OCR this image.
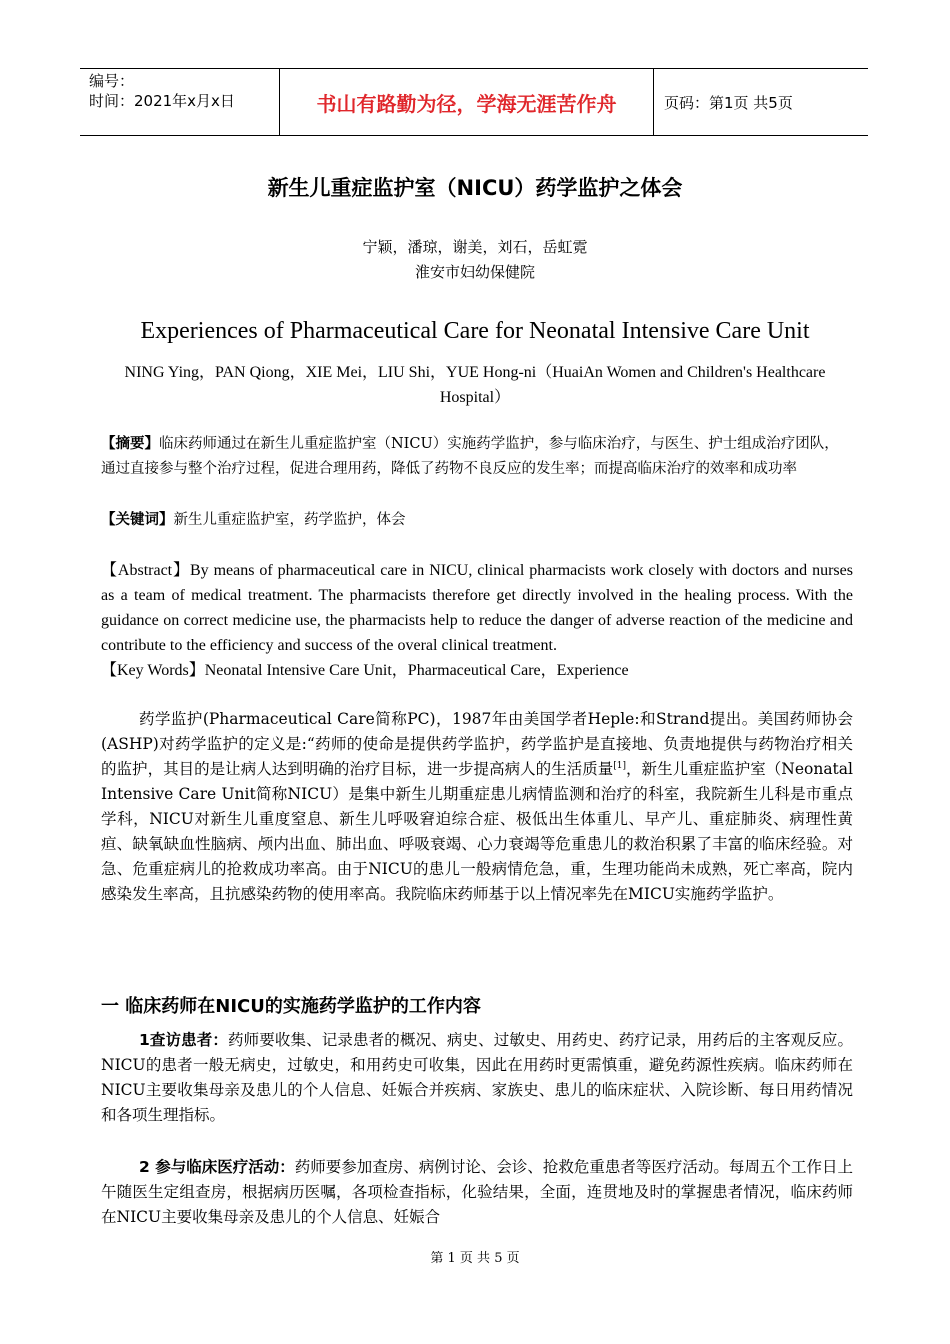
编号：
时间：2021年x月x日	书山有路勤为径，学海无涯苦作舟	页码：第1页 共5页
新生儿重症监护室（NICU）药学监护之体会
宁颖，潘琼，谢美，刘石，岳虹霓
淮安市妇幼保健院
Experiences of Pharmaceutical Care for Neonatal Intensive Care Unit
NING Ying，PAN Qiong，XIE Mei，LIU Shi，YUE Hong-ni（HuaiAn Women and Children's Healthcare Hospital）
【摘要】临床药师通过在新生儿重症监护室（NICU）实施药学监护，参与临床治疗，与医生、护士组成治疗团队，通过直接参与整个治疗过程，促进合理用药，降低了药物不良反应的发生率；而提高临床治疗的效率和成功率
【关键词】新生儿重症监护室，药学监护，体会
【Abstract】By means of pharmaceutical care in NICU, clinical pharmacists work closely with doctors and nurses as a team of medical treatment. The pharmacists therefore get directly involved in the healing process. With the guidance on correct medicine use, the pharmacists help to reduce the danger of adverse reaction of the medicine and contribute to the efficiency and success of the overal clinical treatment.
【Key Words】Neonatal Intensive Care Unit，Pharmaceutical Care，Experience
药学监护(Pharmaceutical Care简称PC)，1987年由美国学者Heple:和Strand提出。美国药师协会(ASHP)对药学监护的定义是:“药师的使命是提供药学监护，药学监护是直接地、负责地提供与药物治疗相关的监护，其目的是让病人达到明确的治疗目标，进一步提高病人的生活质量[1]，新生儿重症监护室（Neonatal Intensive Care Unit简称NICU）是集中新生儿期重症患儿病情监测和治疗的科室，我院新生儿科是市重点学科，NICU对新生儿重度窒息、新生儿呼吸窘迫综合症、极低出生体重儿、早产儿、重症肺炎、病理性黄疸、缺氧缺血性脑病、颅内出血、肺出血、呼吸衰竭、心力衰竭等危重患儿的救治积累了丰富的临床经验。对急、危重症病儿的抢救成功率高。由于NICU的患儿一般病情危急，重，生理功能尚未成熟，死亡率高，院内感染发生率高，且抗感染药物的使用率高。我院临床药师基于以上情况率先在MICU实施药学监护。
一 临床药师在NICU的实施药学监护的工作内容
1查访患者：药师要收集、记录患者的概况、病史、过敏史、用药史、药疗记录，用药后的主客观反应。NICU的患者一般无病史，过敏史，和用药史可收集，因此在用药时更需慎重，避免药源性疾病。临床药师在NICU主要收集母亲及患儿的个人信息、妊娠合并疾病、家族史、患儿的临床症状、入院诊断、每日用药情况和各项生理指标。
2 参与临床医疗活动：药师要参加查房、病例讨论、会诊、抢救危重患者等医疗活动。每周五个工作日上午随医生定组查房，根据病历医嘱，各项检查指标，化验结果，全面，连贯地及时的掌握患者情况，临床药师在NICU主要收集母亲及患儿的个人信息、妊娠合
第 1 页 共 5 页
